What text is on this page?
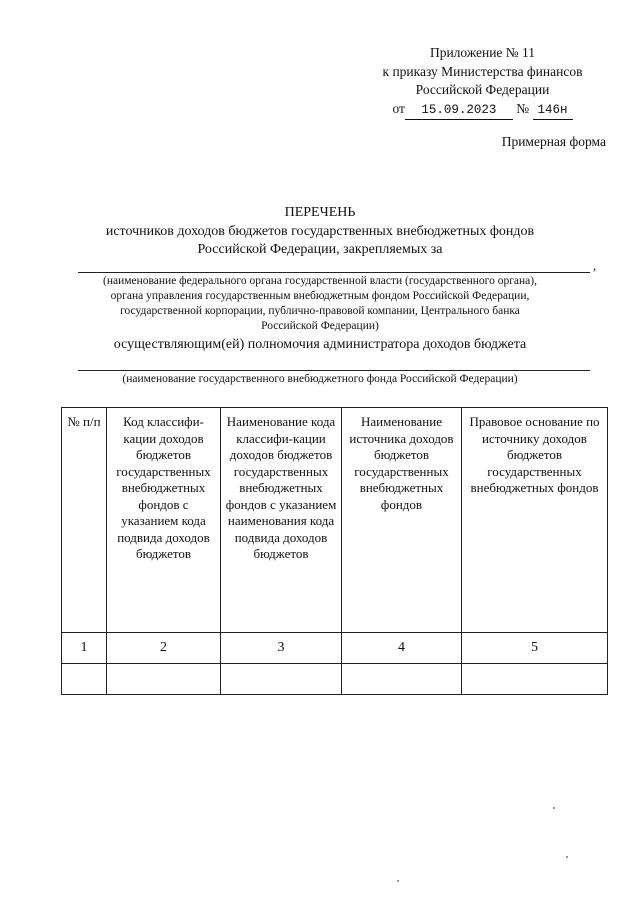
Приложение № 11
к приказу Министерства финансов
Российской Федерации
от 15.09.2023 № 146н
Примерная форма
ПЕРЕЧЕНЬ
источников доходов бюджетов государственных внебюджетных фондов
Российской Федерации, закрепляемых за
,
(наименование федерального органа государственной власти (государственного органа),
органа управления государственным внебюджетным фондом Российской Федерации,
государственной корпорации, публично-правовой компании, Центрального банка
Российской Федерации)
осуществляющим(ей) полномочия администратора доходов бюджета
(наименование государственного внебюджетного фонда Российской Федерации)
№ п/п	Код классифи-кации доходов бюджетов государственных внебюджетных фондов с указанием кода подвида доходов бюджетов	Наименование кода классифи-кации доходов бюджетов государственных внебюджетных фондов с указанием наименования кода подвида доходов бюджетов	Наименование источника доходов бюджетов государственных внебюджетных фондов	Правовое основание по источнику доходов бюджетов государственных внебюджетных фондов
1	2	3	4	5
